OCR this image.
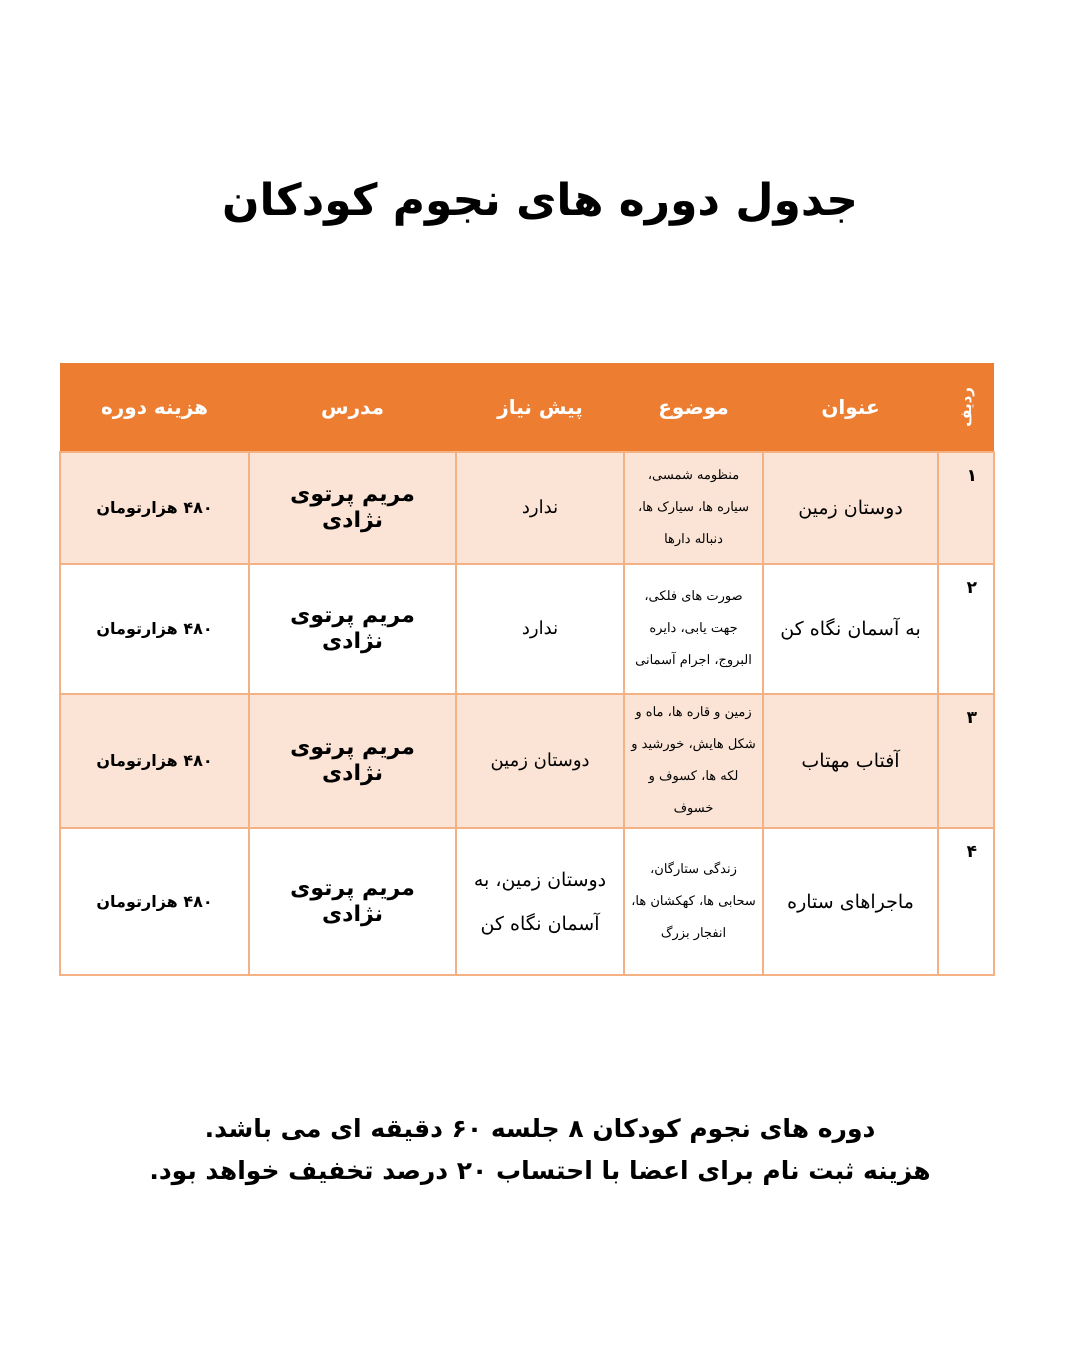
جدول دوره های نجوم کودکان
ردیف	عنوان	موضوع	پیش نیاز	مدرس	هزینه دوره
۱	دوستان زمین	منظومه شمسی، سیاره ها، سیارک ها، دنباله دارها	ندارد	مریم پرتوی نژادی	۴۸۰ هزارتومان
۲	به آسمان نگاه کن	صورت های فلکی، جهت یابی، دایره البروج، اجرام آسمانی	ندارد	مریم پرتوی نژادی	۴۸۰ هزارتومان
۳	آفتاب مهتاب	زمین و قاره ها، ماه و شکل هایش، خورشید و لکه ها، کسوف و خسوف	دوستان زمین	مریم پرتوی نژادی	۴۸۰ هزارتومان
۴	ماجراهای ستاره	زندگی ستارگان، سحابی ها، کهکشان ها، انفجار بزرگ	دوستان زمین، به آسمان نگاه کن	مریم پرتوی نژادی	۴۸۰ هزارتومان
دوره های نجوم کودکان ۸ جلسه ۶۰ دقیقه ای می باشد.
هزینه ثبت نام برای اعضا با احتساب ۲۰ درصد تخفیف خواهد بود.
